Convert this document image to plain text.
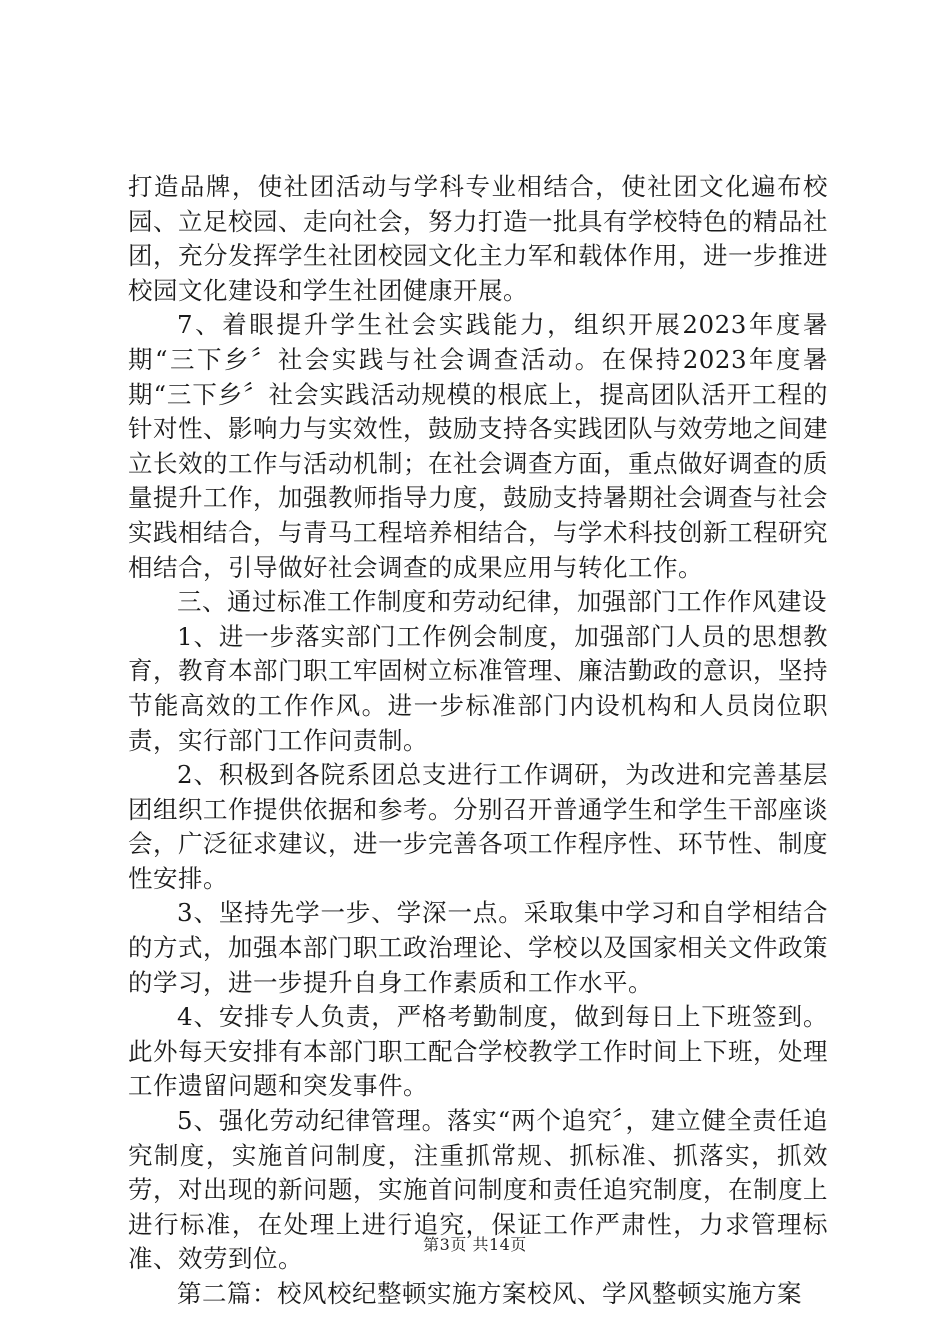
打造品牌，使社团活动与学科专业相结合，使社团文化遍布校园、立足校园、走向社会，努力打造一批具有学校特色的精品社团，充分发挥学生社团校园文化主力军和载体作用，进一步推进校园文化建设和学生社团健康开展。

7、着眼提升学生社会实践能力，组织开展2023年度暑期“三下乡〞社会实践与社会调查活动。在保持2023年度暑期“三下乡〞社会实践活动规模的根底上，提高团队活开工程的针对性、影响力与实效性，鼓励支持各实践团队与效劳地之间建立长效的工作与活动机制；在社会调查方面，重点做好调查的质量提升工作，加强教师指导力度，鼓励支持暑期社会调查与社会实践相结合，与青马工程培养相结合，与学术科技创新工程研究相结合，引导做好社会调查的成果应用与转化工作。

三、通过标准工作制度和劳动纪律，加强部门工作作风建设

1、进一步落实部门工作例会制度，加强部门人员的思想教育，教育本部门职工牢固树立标准管理、廉洁勤政的意识，坚持节能高效的工作作风。进一步标准部门内设机构和人员岗位职责，实行部门工作问责制。

2、积极到各院系团总支进行工作调研，为改进和完善基层团组织工作提供依据和参考。分别召开普通学生和学生干部座谈会，广泛征求建议，进一步完善各项工作程序性、环节性、制度性安排。

3、坚持先学一步、学深一点。采取集中学习和自学相结合的方式，加强本部门职工政治理论、学校以及国家相关文件政策的学习，进一步提升自身工作素质和工作水平。

4、安排专人负责，严格考勤制度，做到每日上下班签到。此外每天安排有本部门职工配合学校教学工作时间上下班，处理工作遗留问题和突发事件。

5、强化劳动纪律管理。落实“两个追究〞，建立健全责任追究制度，实施首问制度，注重抓常规、抓标准、抓落实，抓效劳，对出现的新问题，实施首问制度和责任追究制度，在制度上进行标准，在处理上进行追究，保证工作严肃性，力求管理标准、效劳到位。

第二篇：校风校纪整顿实施方案校风、学风整顿实施方案

第3页 共14页
